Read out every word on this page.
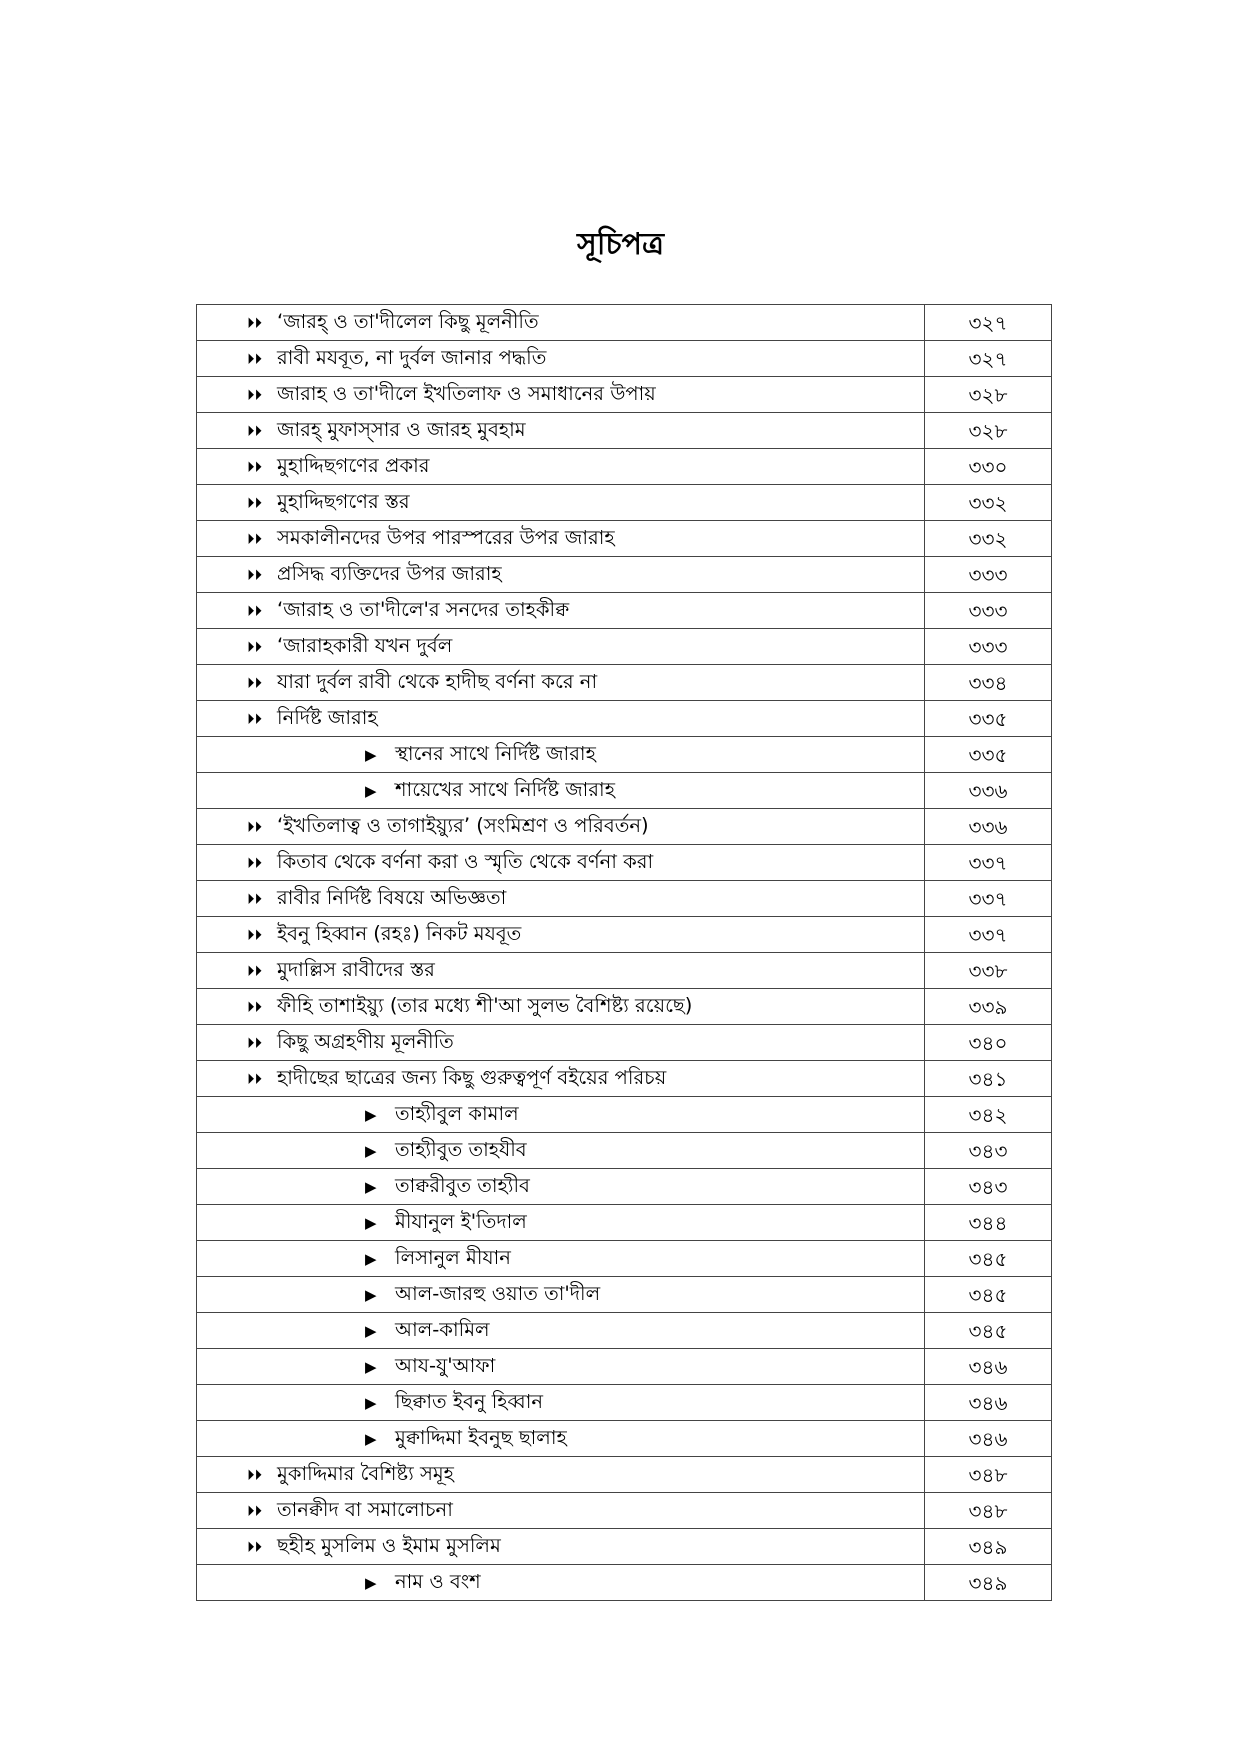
সূচিপত্র
⏵⏵ ‘জারহ্ ও তা'দীলেল কিছু মূলনীতি	৩২৭
⏵⏵ রাবী মযবূত, না দুর্বল জানার পদ্ধতি	৩২৭
⏵⏵ জারাহ ও তা'দীলে ইখতিলাফ ও সমাধানের উপায়	৩২৮
⏵⏵ জারহ্ মুফাস্সার ও জারহ মুবহাম	৩২৮
⏵⏵ মুহাদ্দিছগণের প্রকার	৩৩০
⏵⏵ মুহাদ্দিছগণের স্তর	৩৩২
⏵⏵ সমকালীনদের উপর পারস্পরের উপর জারাহ	৩৩২
⏵⏵ প্রসিদ্ধ ব্যক্তিদের উপর জারাহ	৩৩৩
⏵⏵ ‘জারাহ ও তা'দীলে'র সনদের তাহকীক্ব	৩৩৩
⏵⏵ ‘জারাহকারী যখন দুর্বল	৩৩৩
⏵⏵ যারা দুর্বল রাবী থেকে হাদীছ বর্ণনা করে না	৩৩৪
⏵⏵ নির্দিষ্ট জারাহ	৩৩৫
▶ স্থানের সাথে নির্দিষ্ট জারাহ	৩৩৫
▶ শায়েখের সাথে নির্দিষ্ট জারাহ	৩৩৬
⏵⏵ ‘ইখতিলাত্ব ও তাগাইয়্যুর’ (সংমিশ্রণ ও পরিবর্তন)	৩৩৬
⏵⏵ কিতাব থেকে বর্ণনা করা ও স্মৃতি থেকে বর্ণনা করা	৩৩৭
⏵⏵ রাবীর নির্দিষ্ট বিষয়ে অভিজ্ঞতা	৩৩৭
⏵⏵ ইবনু হিব্বান (রহঃ) নিকট মযবূত	৩৩৭
⏵⏵ মুদাল্লিস রাবীদের স্তর	৩৩৮
⏵⏵ ফীহি তাশাইয়্যু (তার মধ্যে শী'আ সুলভ বৈশিষ্ট্য রয়েছে)	৩৩৯
⏵⏵ কিছু অগ্রহণীয় মূলনীতি	৩৪০
⏵⏵ হাদীছের ছাত্রের জন্য কিছু গুরুত্বপূর্ণ বইয়ের পরিচয়	৩৪১
▶ তাহ্যীবুল কামাল	৩৪২
▶ তাহ্যীবুত তাহযীব	৩৪৩
▶ তাক্বরীবুত তাহ্যীব	৩৪৩
▶ মীযানুল ই'তিদাল	৩৪৪
▶ লিসানুল মীযান	৩৪৫
▶ আল-জারহু ওয়াত তা'দীল	৩৪৫
▶ আল-কামিল	৩৪৫
▶ আয-যু'আফা	৩৪৬
▶ ছিক্বাত ইবনু হিব্বান	৩৪৬
▶ মুক্বাদ্দিমা ইবনুছ ছালাহ	৩৪৬
⏵⏵ মুকাদ্দিমার বৈশিষ্ট্য সমূহ	৩৪৮
⏵⏵ তানক্বীদ বা সমালোচনা	৩৪৮
⏵⏵ ছহীহ মুসলিম ও ইমাম মুসলিম	৩৪৯
▶ নাম ও বংশ	৩৪৯
